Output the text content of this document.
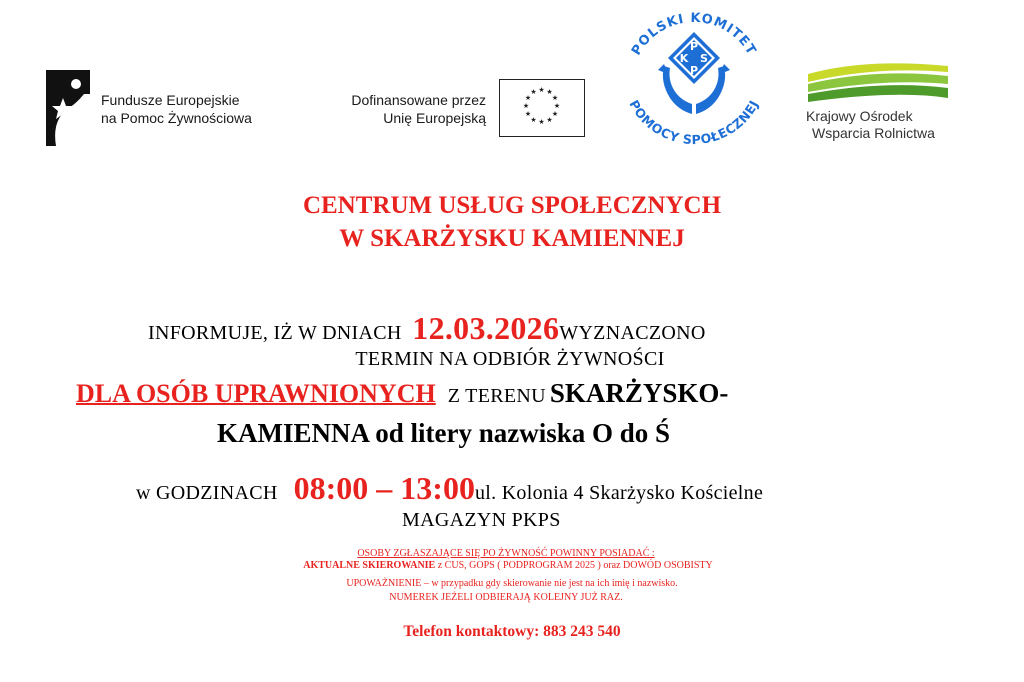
Fundusze Europejskie
na Pomoc Żywnościowa
Dofinansowane przez
Unię Europejską
★ ★
★
★
★
★
★
★
★
★
★
★
POLSKI KOMITET
POMOCY SPOŁECZNEJ
P
K S
P
Krajowy Ośrodek
Wsparcia Rolnictwa
CENTRUM USŁUG SPOŁECZNYCH
W SKARŻYSKU KAMIENNEJ
INFORMUJE, IŻ W DNIACH 12.03.2026WYZNACZONO
TERMIN NA ODBIÓR ŻYWNOŚCI
DLA OSÓB UPRAWNIONYCH Z TERENU SKARŻYSKO-
KAMIENNA od litery nazwiska O do Ś
w GODZINACH 08:00 – 13:00ul. Kolonia 4 Skarżysko Kościelne
MAGAZYN PKPS
OSOBY ZGŁASZAJĄCE SIĘ PO ŻYWNOŚĆ POWINNY POSIADAĆ :
AKTUALNE SKIEROWANIE z CUS, GOPS ( PODPROGRAM 2025 ) oraz DOWÓD OSOBISTY
UPOWAŻNIENIE – w przypadku gdy skierowanie nie jest na ich imię i nazwisko.
NUMEREK JEŻELI ODBIERAJĄ KOLEJNY JUŻ RAZ.
Telefon kontaktowy: 883 243 540
